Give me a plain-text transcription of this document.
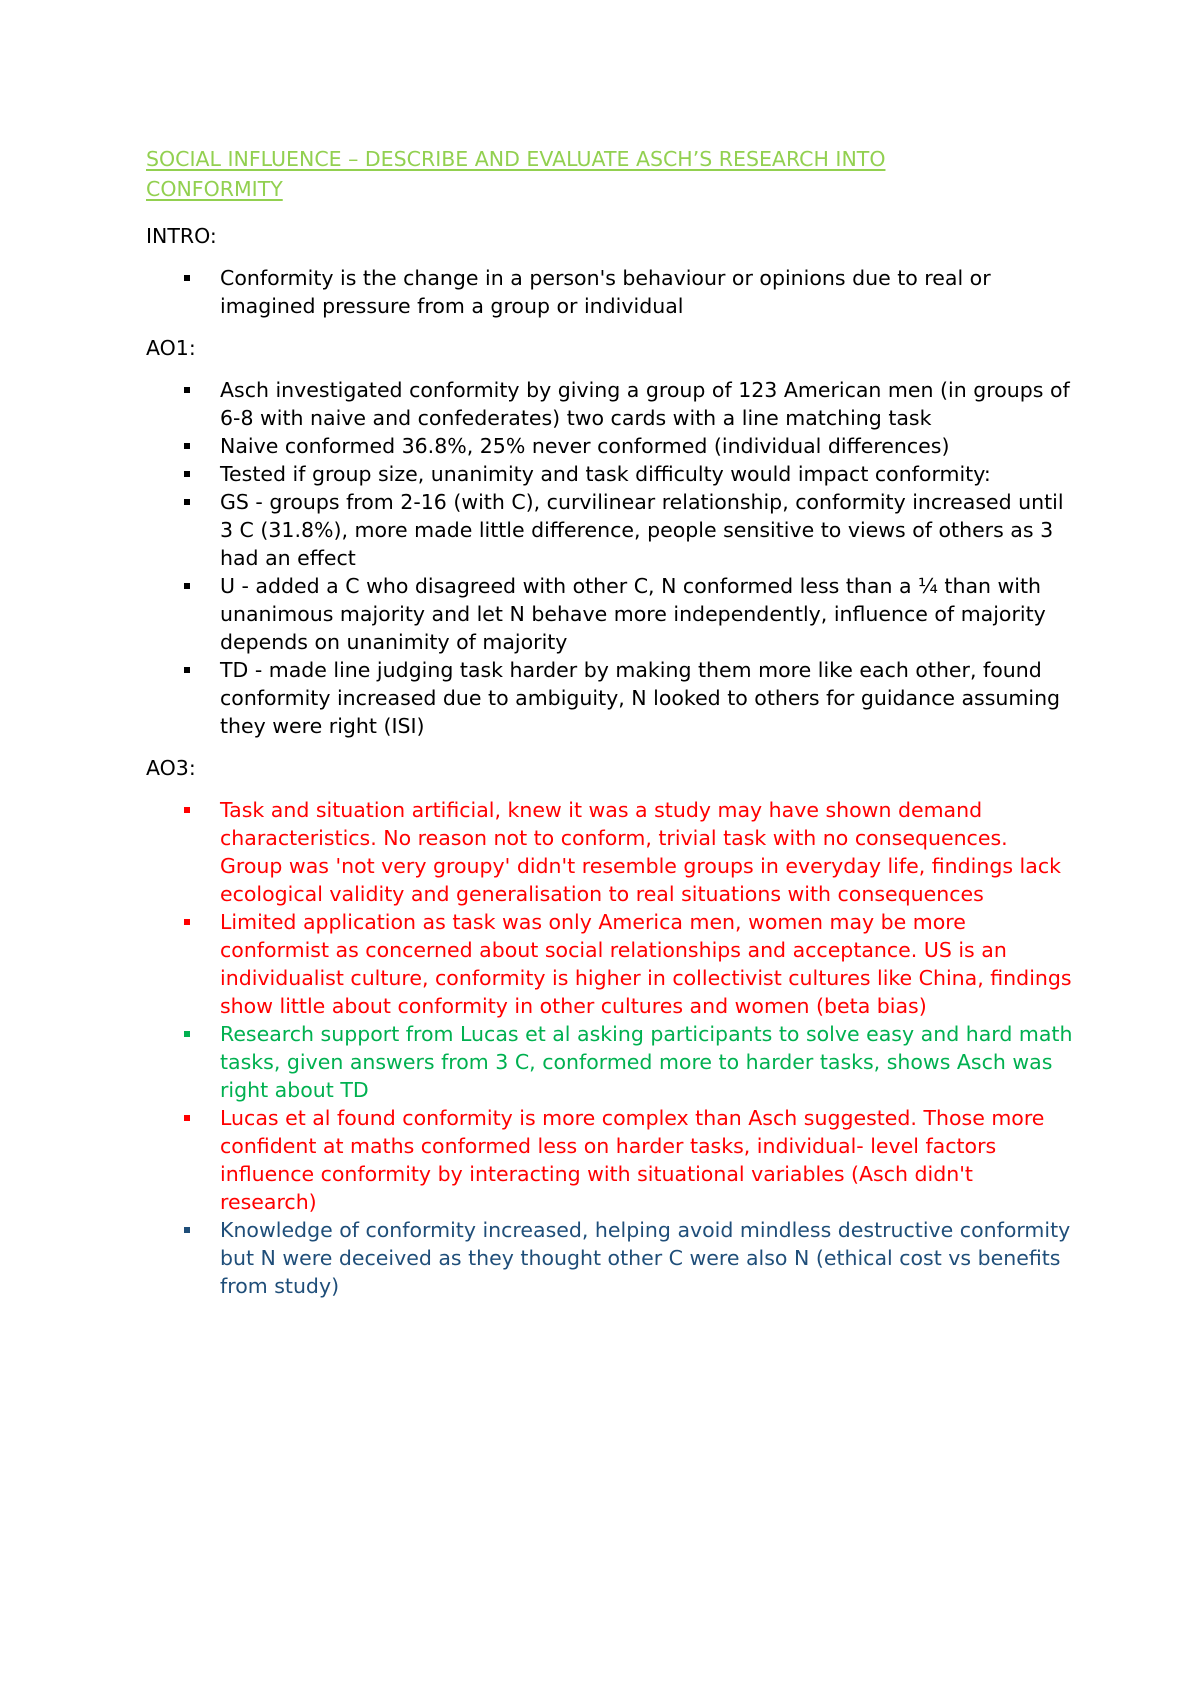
SOCIAL INFLUENCE – DESCRIBE AND EVALUATE ASCH’S RESEARCH INTO
CONFORMITY
INTRO:
Conformity is the change in a person's behaviour or opinions due to real or imagined pressure from a group or individual
AO1:
Asch investigated conformity by giving a group of 123 American men (in groups of 6-8 with naive and confederates) two cards with a line matching task
Naive conformed 36.8%, 25% never conformed (individual differences)
Tested if group size, unanimity and task difficulty would impact conformity:
GS - groups from 2-16 (with C), curvilinear relationship, conformity increased until 3 C (31.8%), more made little difference, people sensitive to views of others as 3 had an effect
U - added a C who disagreed with other C, N conformed less than a ¼ than with unanimous majority and let N behave more independently, influence of majority depends on unanimity of majority
TD - made line judging task harder by making them more like each other, found conformity increased due to ambiguity, N looked to others for guidance assuming they were right (ISI)
AO3:
Task and situation artificial, knew it was a study may have shown demand characteristics. No reason not to conform, trivial task with no consequences. Group was 'not very groupy' didn't resemble groups in everyday life, findings lack ecological validity and generalisation to real situations with consequences
Limited application as task was only America men, women may be more conformist as concerned about social relationships and acceptance. US is an individualist culture, conformity is higher in collectivist cultures like China, findings show little about conformity in other cultures and women (beta bias)
Research support from Lucas et al asking participants to solve easy and hard math tasks, given answers from 3 C, conformed more to harder tasks, shows Asch was right about TD
Lucas et al found conformity is more complex than Asch suggested. Those more confident at maths conformed less on harder tasks, individual- level factors influence conformity by interacting with situational variables (Asch didn't research)
Knowledge of conformity increased, helping avoid mindless destructive conformity but N were deceived as they thought other C were also N (ethical cost vs benefits from study)
